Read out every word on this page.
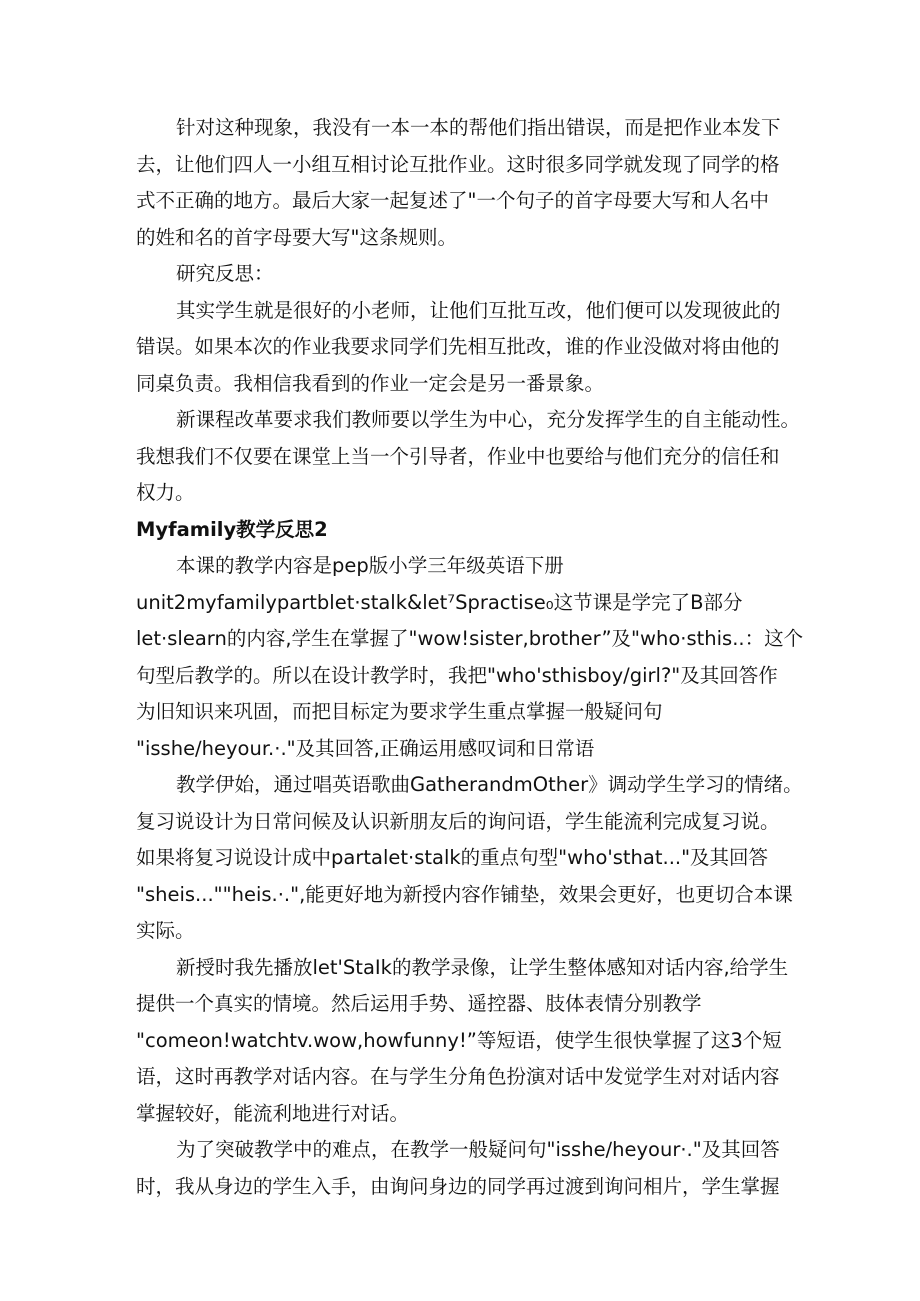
针对这种现象，我没有一本一本的帮他们指出错误，而是把作业本发下
去，让他们四人一小组互相讨论互批作业。这时很多同学就发现了同学的格
式不正确的地方。最后大家一起复述了"一个句子的首字母要大写和人名中
的姓和名的首字母要大写"这条规则。

研究反思：

其实学生就是很好的小老师，让他们互批互改，他们便可以发现彼此的
错误。如果本次的作业我要求同学们先相互批改，谁的作业没做对将由他的
同桌负责。我相信我看到的作业一定会是另一番景象。

新课程改革要求我们教师要以学生为中心，充分发挥学生的自主能动性。
我想我们不仅要在课堂上当一个引导者，作业中也要给与他们充分的信任和
权力。

Myfamily教学反思2

本课的教学内容是pep版小学三年级英语下册
unit2myfamilypartblet·stalk&let⁷Spractise₀这节课是学完了B部分
let·slearn的内容,学生在掌握了"wow!sister,brother”及"who·sthis..：这个
句型后教学的。所以在设计教学时，我把"who'sthisboy/girl?"及其回答作
为旧知识来巩固，而把目标定为要求学生重点掌握一般疑问句
"isshe∕heyour.·."及其回答,正确运用感叹词和日常语

教学伊始，通过唱英语歌曲GatherandmOther》调动学生学习的情绪。
复习说设计为日常问候及认识新朋友后的询问语，学生能流利完成复习说。
如果将复习说设计成中partalet·stalk的重点句型"who'sthat..."及其回答
"sheis...""heis.·.",能更好地为新授内容作铺垫，效果会更好，也更切合本课
实际。

新授时我先播放let'StaIk的教学录像，让学生整体感知对话内容,给学生
提供一个真实的情境。然后运用手势、遥控器、肢体表情分别教学
"comeon!watchtv.wow,howfunny!”等短语，使学生很快掌握了这3个短
语，这时再教学对话内容。在与学生分角色扮演对话中发觉学生对对话内容
掌握较好，能流利地进行对话。

为了突破教学中的难点，在教学一般疑问句"isshe∕heyour·."及其回答
时，我从身边的学生入手，由询问身边的同学再过渡到询问相片，学生掌握
